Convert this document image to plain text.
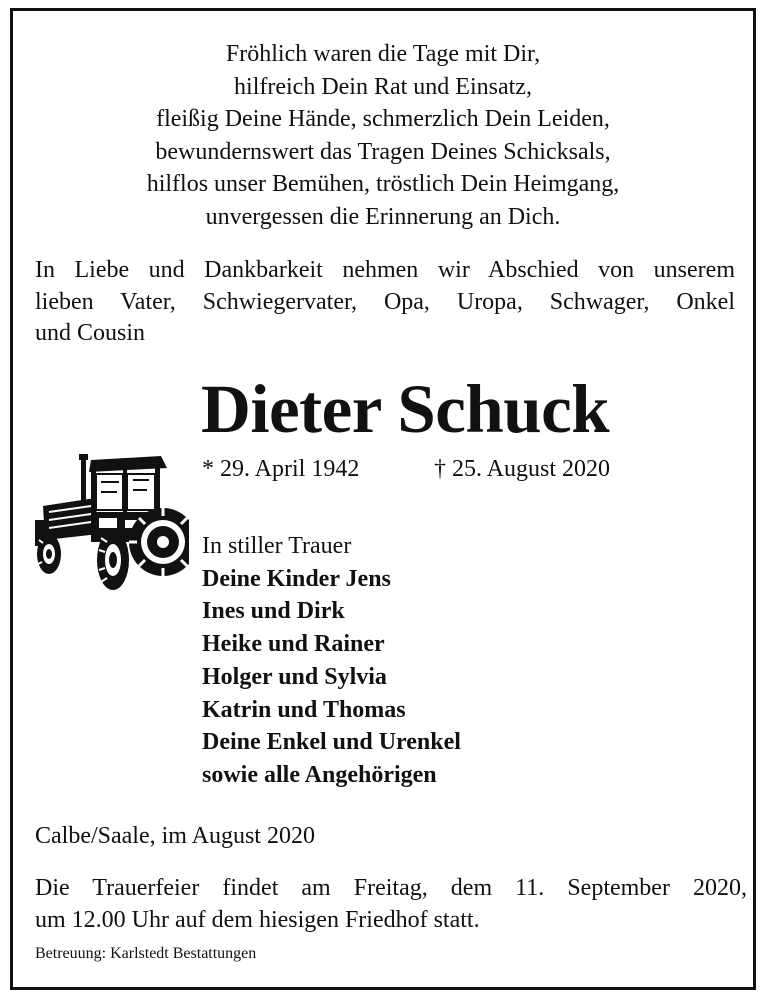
Fröhlich waren die Tage mit Dir,
hilfreich Dein Rat und Einsatz,
fleißig Deine Hände, schmerzlich Dein Leiden,
bewundernswert das Tragen Deines Schicksals,
hilflos unser Bemühen, tröstlich Dein Heimgang,
unvergessen die Erinnerung an Dich.
In Liebe und Dankbarkeit nehmen wir Abschied von unserem
lieben Vater, Schwiegervater, Opa, Uropa, Schwager, Onkel
und Cousin
Dieter Schuck
* 29. April 1942	† 25. August 2020
In stiller Trauer
Deine Kinder Jens
Ines und Dirk
Heike und Rainer
Holger und Sylvia
Katrin und Thomas
Deine Enkel und Urenkel
sowie alle Angehörigen
Calbe/Saale, im August 2020
Die Trauerfeier findet am Freitag, dem 11. September 2020,
um 12.00 Uhr auf dem hiesigen Friedhof statt.
Betreuung: Karlstedt Bestattungen
